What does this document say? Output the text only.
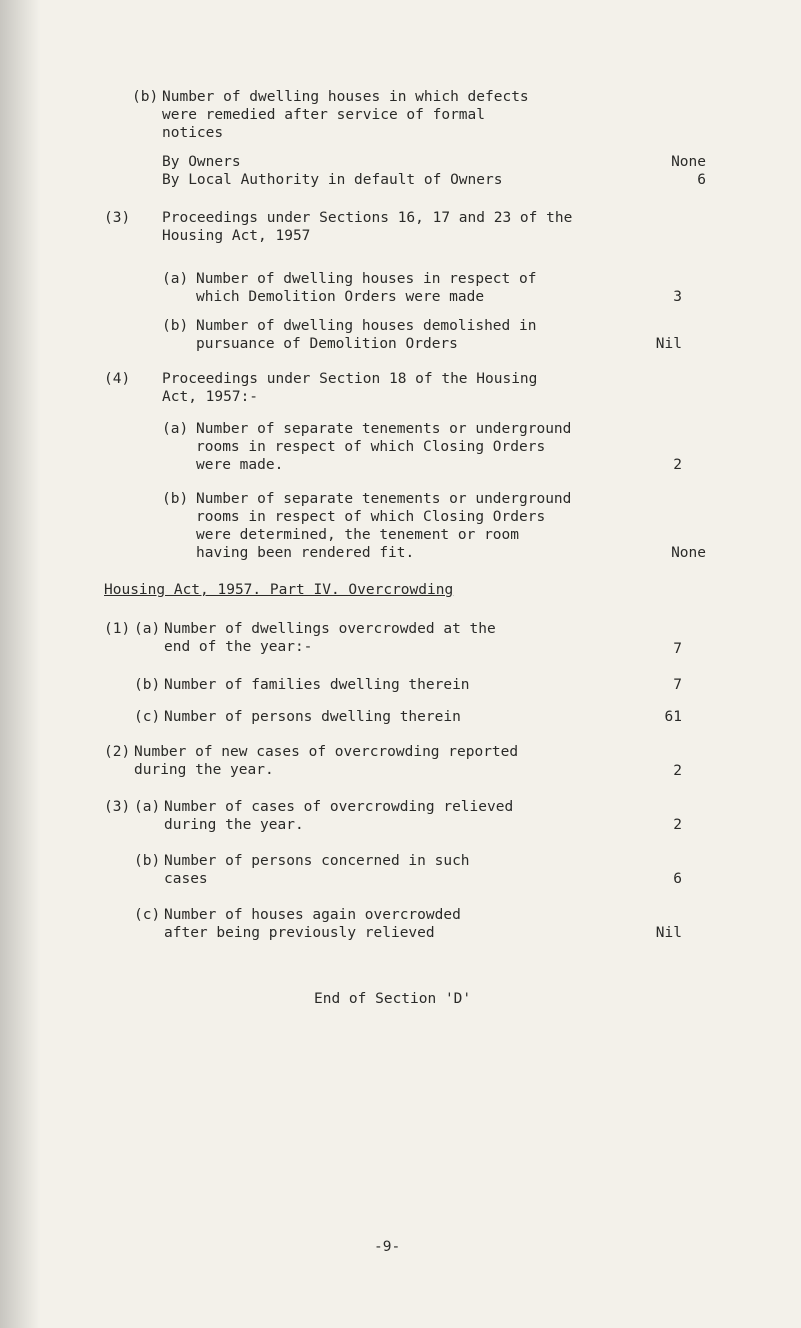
(b) Number of dwelling houses in which defects
were remedied after service of formal
notices
By Owners	None
By Local Authority in default of Owners	6
(3) Proceedings under Sections 16, 17 and 23 of the
Housing Act, 1957
(a) Number of dwelling houses in respect of
which Demolition Orders were made	3
(b) Number of dwelling houses demolished in
pursuance of Demolition Orders	Nil
(4) Proceedings under Section 18 of the Housing
Act, 1957:-
(a) Number of separate tenements or underground
rooms in respect of which Closing Orders
were made.	2
(b) Number of separate tenements or underground
rooms in respect of which Closing Orders
were determined, the tenement or room
having been rendered fit.	None
Housing Act, 1957. Part IV. Overcrowding
(1) (a) Number of dwellings overcrowded at the
end of the year:-	7
(b) Number of families dwelling therein	7
(c) Number of persons dwelling therein	61
(2) Number of new cases of overcrowding reported
during the year.	2
(3) (a) Number of cases of overcrowding relieved
during the year.	2
(b) Number of persons concerned in such
cases	6
(c) Number of houses again overcrowded
after being previously relieved	Nil
End of Section 'D'
-9-
